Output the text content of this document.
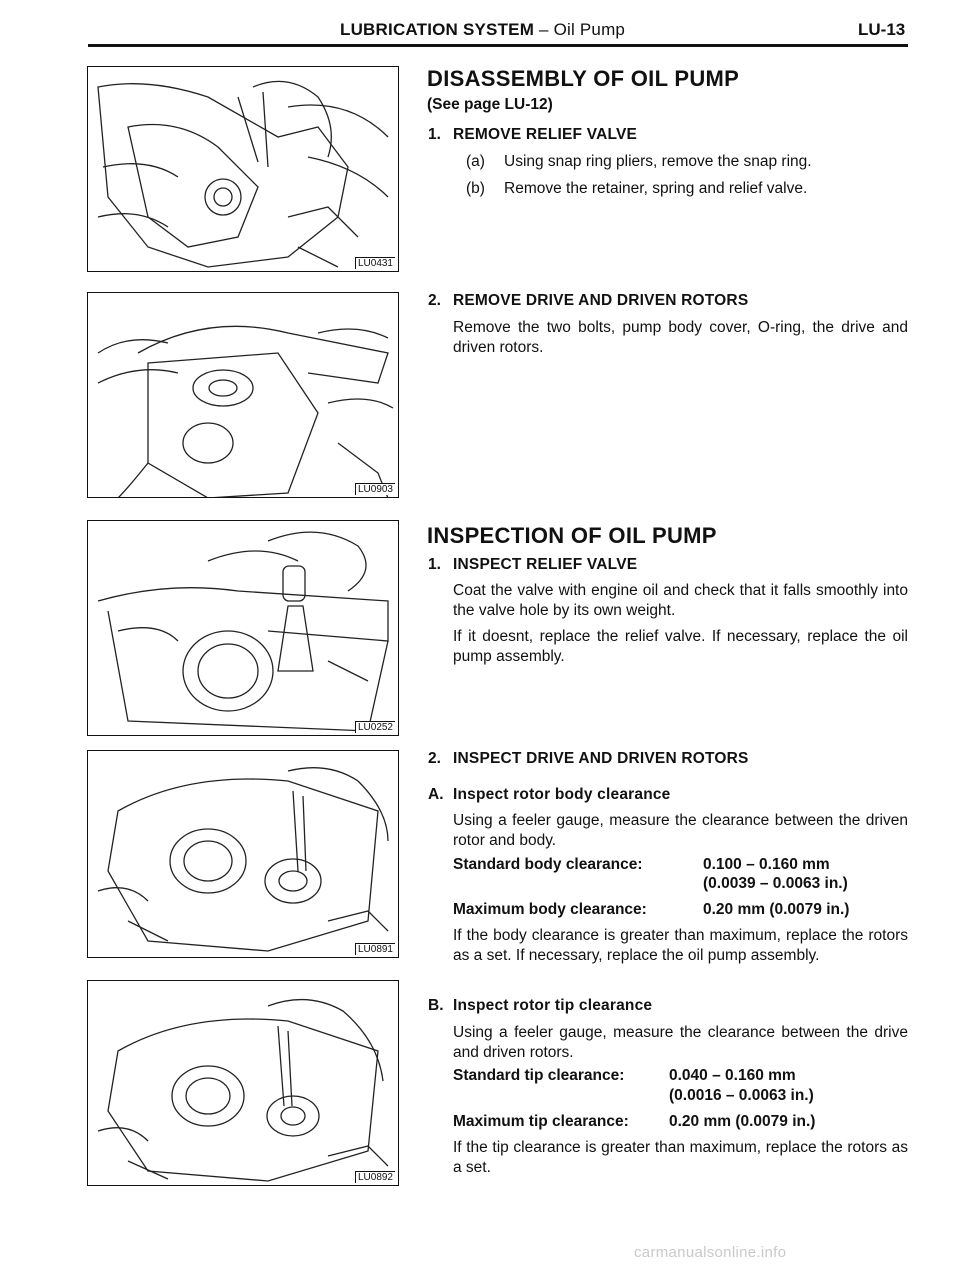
LUBRICATION SYSTEM – Oil Pump	LU-13
LU0431
LU0903
LU0252
LU0891
LU0892
DISASSEMBLY OF OIL PUMP
(See page LU-12)
1. REMOVE RELIEF VALVE
(a) Using snap ring pliers, remove the snap ring.
(b) Remove the retainer, spring and relief valve.
2. REMOVE DRIVE AND DRIVEN ROTORS
Remove the two bolts, pump body cover, O-ring, the drive and driven rotors.
INSPECTION OF OIL PUMP
1. INSPECT RELIEF VALVE
Coat the valve with engine oil and check that it falls smoothly into the valve hole by its own weight.
If it doesnt, replace the relief valve. If necessary, replace the oil pump assembly.
2. INSPECT DRIVE AND DRIVEN ROTORS
A. Inspect rotor body clearance
Using a feeler gauge, measure the clearance between the driven rotor and body.
Standard body clearance:	0.100 – 0.160 mm
(0.0039 – 0.0063 in.)
Maximum body clearance:	0.20 mm (0.0079 in.)
If the body clearance is greater than maximum, replace the rotors as a set. If necessary, replace the oil pump assembly.
B. Inspect rotor tip clearance
Using a feeler gauge, measure the clearance between the drive and driven rotors.
Standard tip clearance:	0.040 – 0.160 mm
(0.0016 – 0.0063 in.)
Maximum tip clearance:	0.20 mm (0.0079 in.)
If the tip clearance is greater than maximum, replace the rotors as a set.
carmanualsonline.info
